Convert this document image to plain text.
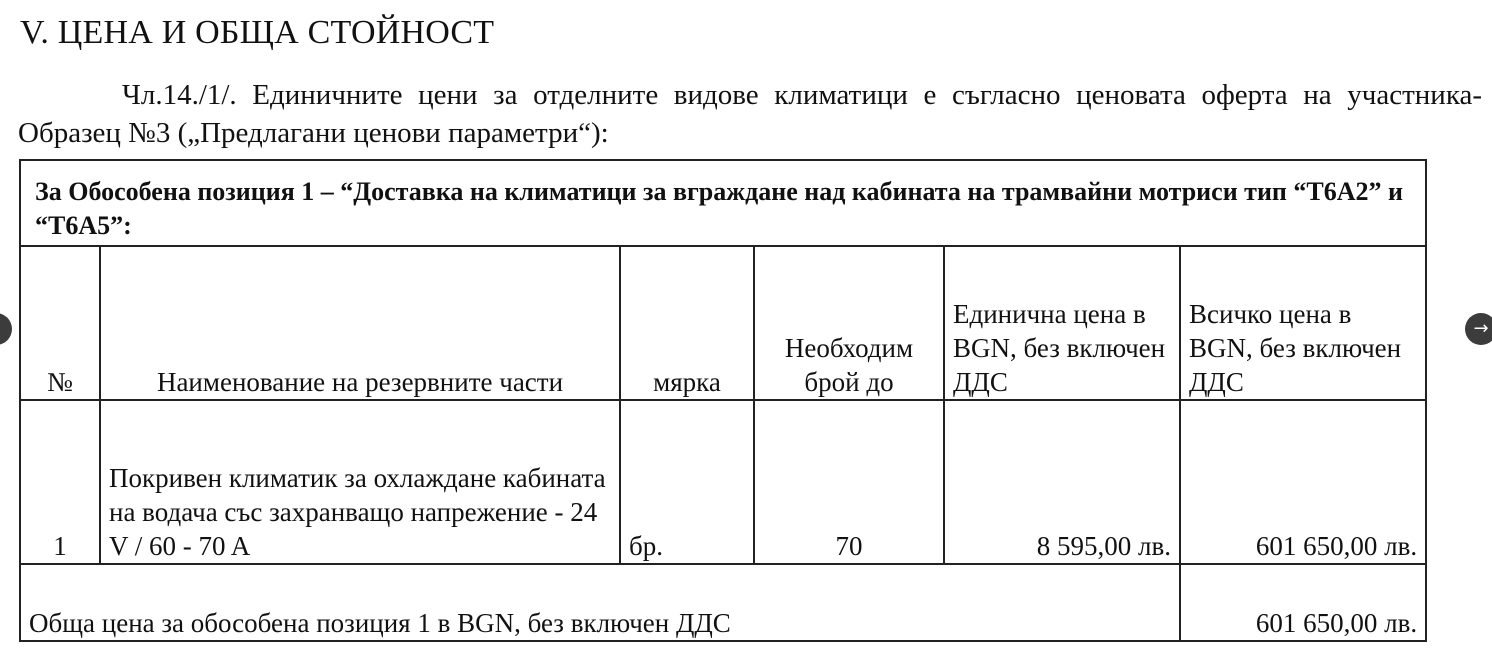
V. ЦЕНА И ОБЩА СТОЙНОСТ
Чл.14./1/. Единичните цени за отделните видове климатици е съгласно ценовата оферта на участника- Образец №3 („Предлагани ценови параметри“):
За Обособена позиция 1 – “Доставка на климатици за вграждане над кабината на трамвайни мотриси тип “Т6А2” и “Т6А5”:					
№	Наименование на резервните части	мярка	Необходим брой до	Единична цена в BGN, без включен ДДС	Всичко цена в BGN, без включен ДДС
1	Покривен климатик за охлаждане кабината на водача със захранващо напрежение - 24 V / 60 - 70 A	бр.	70	8 595,00 лв.	601 650,00 лв.
Обща цена за обособена позиция 1 в BGN, без включен ДДС					601 650,00 лв.
→
